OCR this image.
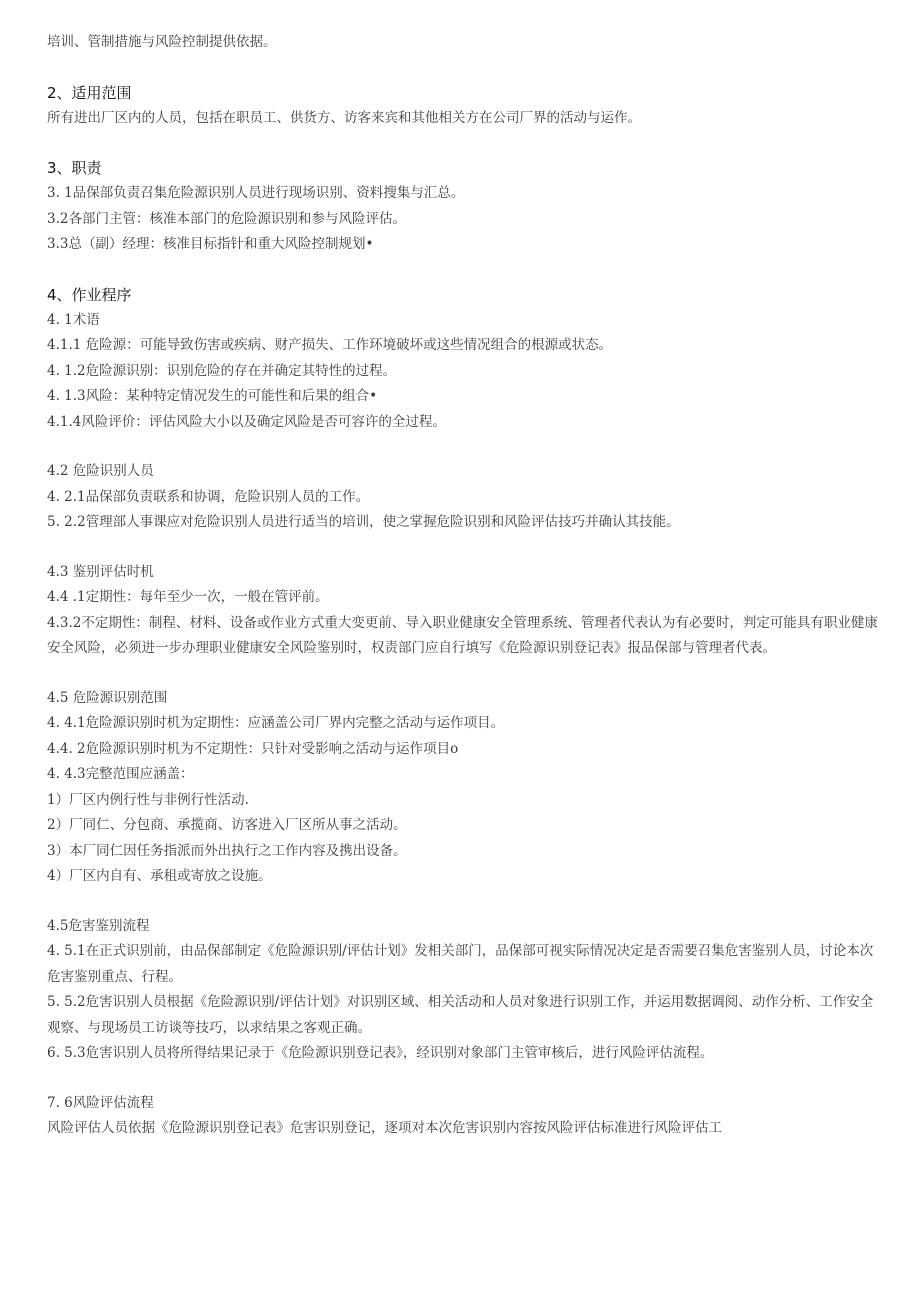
培训、管制措施与风险控制提供依据。
2、适用范围
所有进出厂区内的人员，包括在职员工、供货方、访客来宾和其他相关方在公司厂界的活动与运作。
3、职责
3. 1品保部负责召集危险源识别人员进行现场识别、资料搜集与汇总。
3.2各部门主管：核准本部门的危险源识别和参与风险评估。
3.3总（副）经理：核准目标指针和重大风险控制规划•
4、作业程序
4. 1术语
4.1.1 危险源：可能导致伤害或疾病、财产损失、工作环境破坏或这些情况组合的根源或状态。
4. 1.2危险源识别：识别危险的存在并确定其特性的过程。
4. 1.3风险：某种特定情况发生的可能性和后果的组合•
4.1.4风险评价：评估风险大小以及确定风险是否可容许的全过程。
4.2 危险识别人员
4. 2.1品保部负责联系和协调，危险识别人员的工作。
5. 2.2管理部人事课应对危险识别人员进行适当的培训，使之掌握危险识别和风险评估技巧并确认其技能。
4.3 鉴别评估时机
4.4 .1定期性：每年至少一次，一般在管评前。
4.3.2不定期性：制程、材料、设备或作业方式重大变更前、导入职业健康安全管理系统、管理者代表认为有必要时，判定可能具有职业健康安全风险，必须进一步办理职业健康安全风险鉴别时，权责部门应自行填写《危险源识别登记表》报品保部与管理者代表。
4.5 危险源识别范围
4. 4.1危险源识别时机为定期性：应涵盖公司厂界内完整之活动与运作项目。
4.4. 2危险源识别时机为不定期性：只针对受影响之活动与运作项目o
4. 4.3完整范围应涵盖：
1）厂区内例行性与非例行性活动.
2）厂同仁、分包商、承揽商、访客进入厂区所从事之活动。
3）本厂同仁因任务指派而外出执行之工作内容及携出设备。
4）厂区内自有、承租或寄放之设施。
4.5危害鉴别流程
4. 5.1在正式识别前，由品保部制定《危险源识别/评估计划》发相关部门，品保部可视实际情况决定是否需要召集危害鉴别人员，讨论本次危害鉴别重点、行程。
5. 5.2危害识别人员根据《危险源识别/评估计划》对识别区域、相关活动和人员对象进行识别工作，并运用数据调阅、动作分析、工作安全观察、与现场员工访谈等技巧，以求结果之客观正确。
6. 5.3危害识别人员将所得结果记录于《危险源识别登记表》，经识别对象部门主管审核后，进行风险评估流程。
7. 6风险评估流程
风险评估人员依据《危险源识别登记表》危害识别登记，逐项对本次危害识别内容按风险评估标准进行风险评估工
